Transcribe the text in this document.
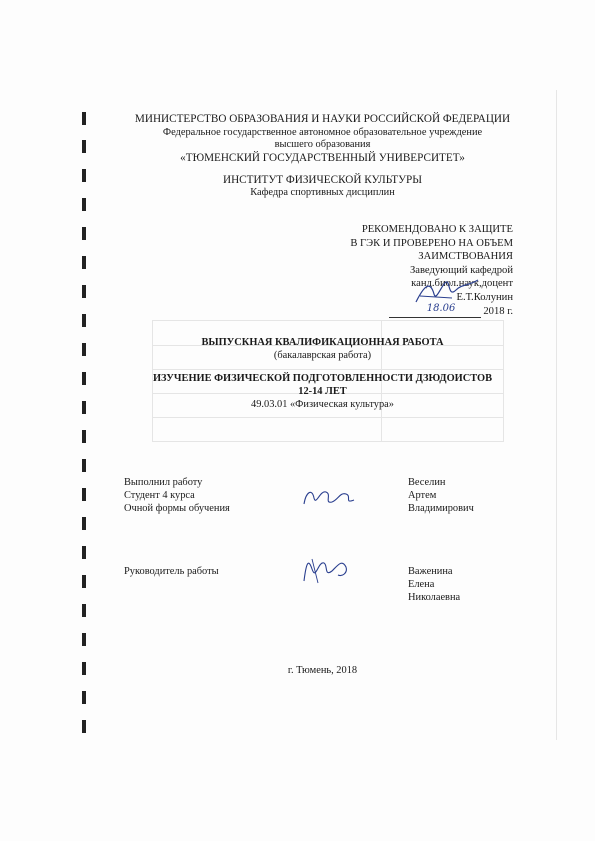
МИНИСТЕРСТВО ОБРАЗОВАНИЯ И НАУКИ РОССИЙСКОЙ ФЕДЕРАЦИИ
Федеральное государственное автономное образовательное учреждение
высшего образования
«ТЮМЕНСКИЙ ГОСУДАРСТВЕННЫЙ УНИВЕРСИТЕТ»
ИНСТИТУТ ФИЗИЧЕСКОЙ КУЛЬТУРЫ
Кафедра спортивных дисциплин
РЕКОМЕНДОВАНО К ЗАЩИТЕ
В ГЭК И ПРОВЕРЕНО НА ОБЪЕМ
ЗАИМСТВОВАНИЯ
Заведующий кафедрой
канд.биол.наук,доцент
Е.Т.Колунин
18.06	2018 г.
ВЫПУСКНАЯ КВАЛИФИКАЦИОННАЯ РАБОТА
(бакалаврская работа)
ИЗУЧЕНИЕ ФИЗИЧЕСКОЙ ПОДГОТОВЛЕННОСТИ ДЗЮДОИСТОВ
12-14 ЛЕТ
49.03.01 «Физическая культура»
Выполнил работу
Студент 4 курса
Очной формы обучения
Веселин
Артем
Владимирович
Руководитель работы	Важенина
Елена
Николаевна
г. Тюмень, 2018
